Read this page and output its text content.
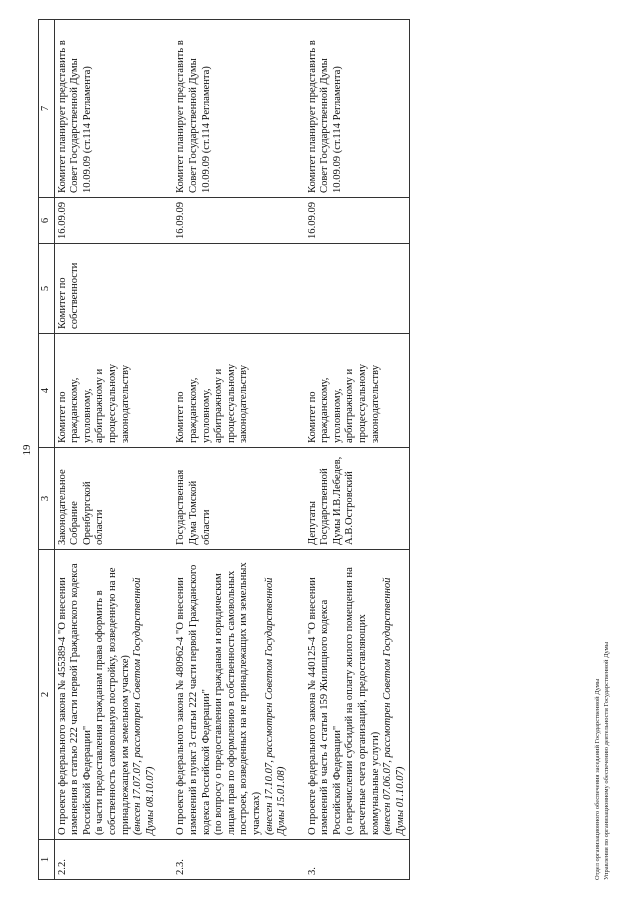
19
1	2	3	4	5	6	7
2.2.	О проекте федерального закона № 455389-4 "О внесении изменения в статью 222 части первой Гражданского кодекса Российской Федерации" (в части предоставления гражданам права оформить в собственность самовольную постройку, возведенную на не принадлежащем им земельном участке) (внесен 17.07.07, рассмотрен Советом Государственной Думы 08.10.07)	Законодательное Собрание Оренбургской области	Комитет по гражданскому, уголовному, арбитражному и процессуальному законодательству	Комитет по собственности	16.09.09	Комитет планирует представить в Совет Государственной Думы 10.09.09 (ст.114 Регламента)

2.3.	О проекте федерального закона № 480962-4 "О внесении изменений в пункт 3 статьи 222 части первой Гражданского кодекса Российской Федерации" (по вопросу о предоставлении гражданам и юридическим лицам прав по оформлению в собственность самовольных построек, возведенных на не принадлежащих им земельных участках) (внесен 17.10.07, рассмотрен Советом Государственной Думы 15.01.08)	Государственная Дума Томской области	Комитет по гражданскому, уголовному, арбитражному и процессуальному законодательству		16.09.09	Комитет планирует представить в Совет Государственной Думы 10.09.09 (ст.114 Регламента)

3.	О проекте федерального закона № 440125-4 "О внесении изменений в часть 4 статьи 159 Жилищного кодекса Российской Федерации" (о перечислении субсидий на оплату жилого помещения на расчетные счета организаций, предоставляющих коммунальные услуги) (внесен 07.06.07, рассмотрен Советом Государственной Думы 01.10.07)	Депутаты Государственной Думы И.В.Лебедев, А.В.Островский	Комитет по гражданскому, уголовному, арбитражному и процессуальному законодательству		16.09.09	Комитет планирует представить в Совет Государственной Думы 10.09.09 (ст.114 Регламента)
Отдел организационного обеспечения заседаний Государственной Думы Управления по организационному обеспечению деятельности Государственной Думы
